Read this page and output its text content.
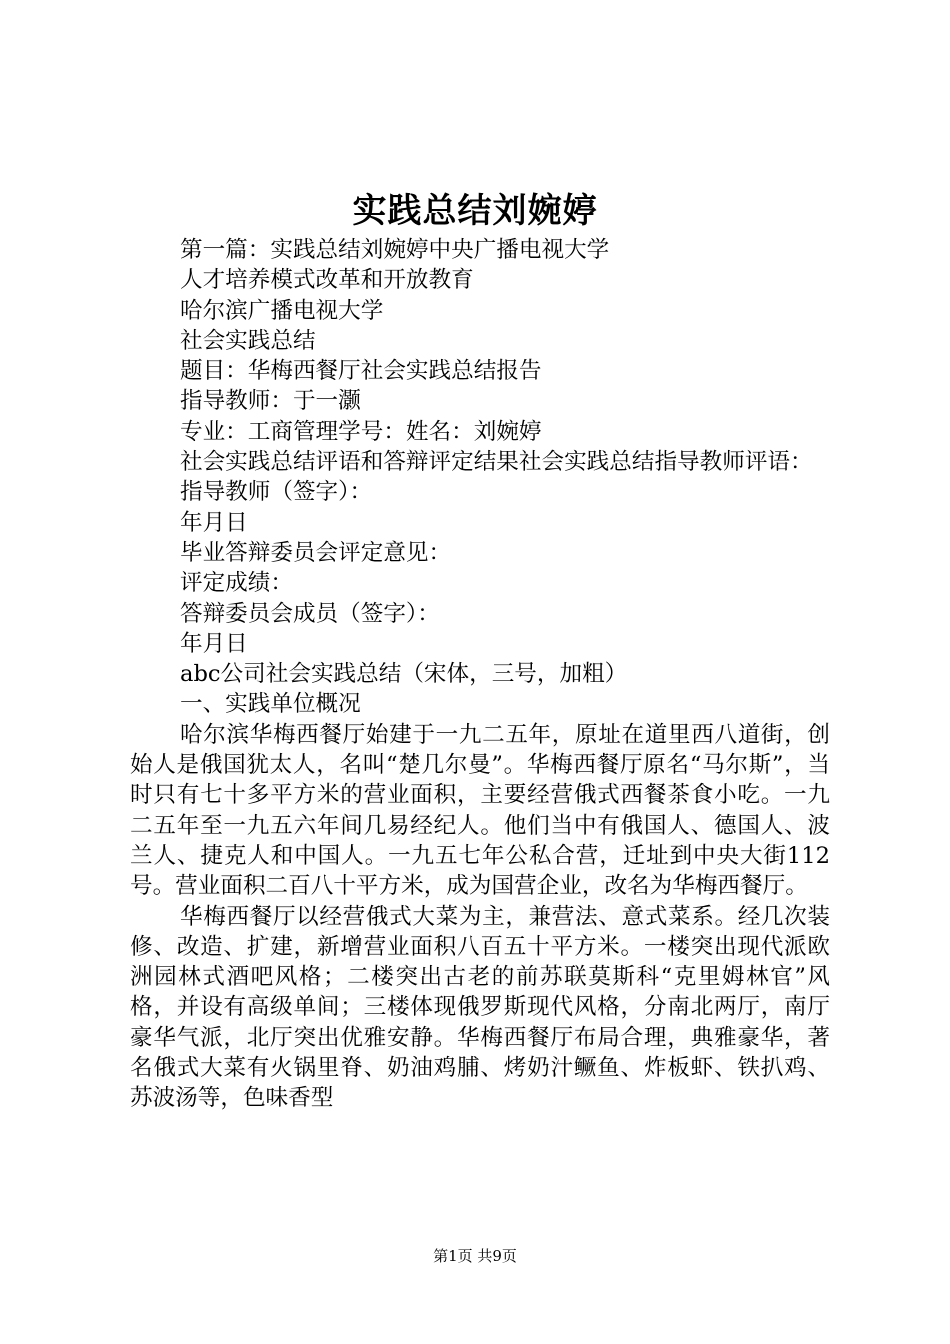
实践总结刘婉婷
第一篇：实践总结刘婉婷中央广播电视大学
人才培养模式改革和开放教育
哈尔滨广播电视大学
社会实践总结
题目：华梅西餐厅社会实践总结报告
指导教师：于一灏
专业：工商管理学号：姓名：刘婉婷
社会实践总结评语和答辩评定结果社会实践总结指导教师评语：
指导教师（签字）：
年月日
毕业答辩委员会评定意见：
评定成绩：
答辩委员会成员（签字）：
年月日
abc公司社会实践总结（宋体，三号，加粗）
一、实践单位概况
哈尔滨华梅西餐厅始建于一九二五年，原址在道里西八道街，创始人是俄国犹太人，名叫“楚几尔曼”。华梅西餐厅原名“马尔斯”，当时只有七十多平方米的营业面积，主要经营俄式西餐茶食小吃。一九二五年至一九五六年间几易经纪人。他们当中有俄国人、德国人、波兰人、捷克人和中国人。一九五七年公私合营，迁址到中央大街112号。营业面积二百八十平方米，成为国营企业，改名为华梅西餐厅。
华梅西餐厅以经营俄式大菜为主，兼营法、意式菜系。经几次装修、改造、扩建，新增营业面积八百五十平方米。一楼突出现代派欧洲园林式酒吧风格；二楼突出古老的前苏联莫斯科“克里姆林官”风格，并设有高级单间；三楼体现俄罗斯现代风格，分南北两厅，南厅豪华气派，北厅突出优雅安静。华梅西餐厅布局合理，典雅豪华，著名俄式大菜有火锅里脊、奶油鸡脯、烤奶汁鳜鱼、炸板虾、铁扒鸡、苏波汤等，色味香型
第1页 共9页
